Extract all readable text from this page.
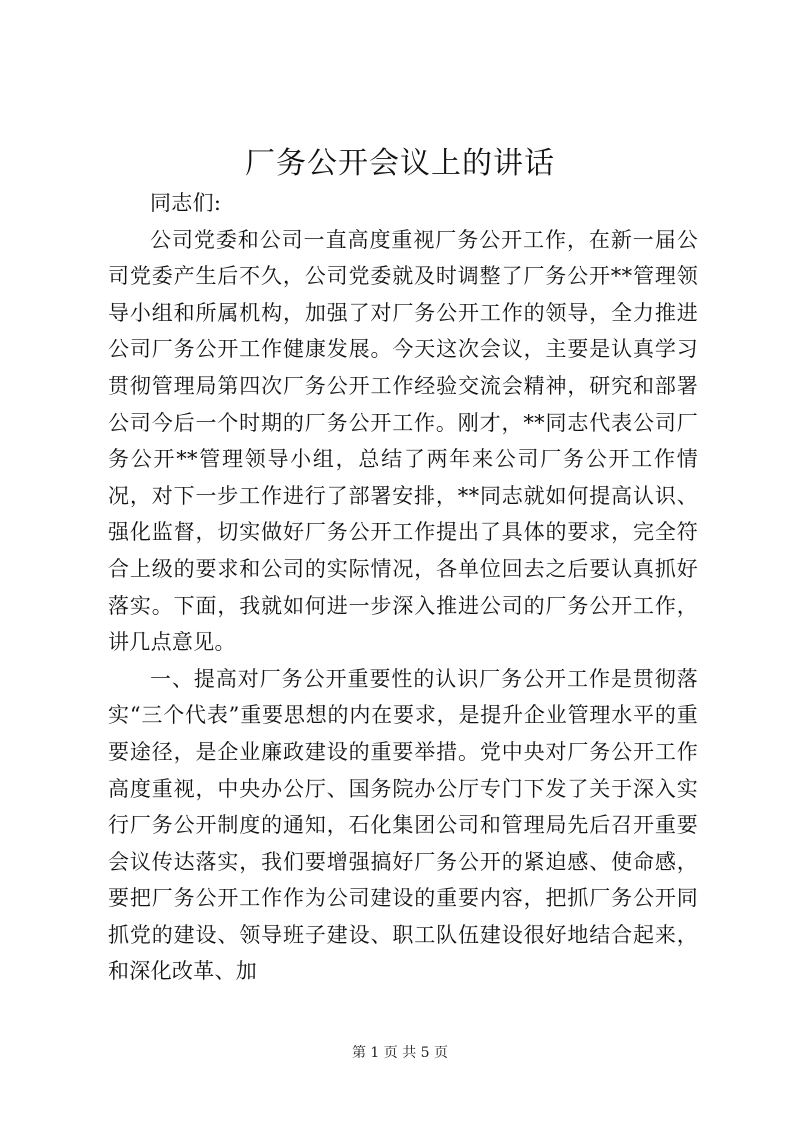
厂务公开会议上的讲话

同志们:

公司党委和公司一直高度重视厂务公开工作，在新一届公司党委产生后不久，公司党委就及时调整了厂务公开**管理领导小组和所属机构，加强了对厂务公开工作的领导，全力推进公司厂务公开工作健康发展。今天这次会议，主要是认真学习贯彻管理局第四次厂务公开工作经验交流会精神，研究和部署公司今后一个时期的厂务公开工作。刚才，**同志代表公司厂务公开**管理领导小组，总结了两年来公司厂务公开工作情况，对下一步工作进行了部署安排，**同志就如何提高认识、强化监督，切实做好厂务公开工作提出了具体的要求，完全符合上级的要求和公司的实际情况，各单位回去之后要认真抓好落实。下面，我就如何进一步深入推进公司的厂务公开工作，讲几点意见。

一、提高对厂务公开重要性的认识厂务公开工作是贯彻落实“三个代表”重要思想的内在要求，是提升企业管理水平的重要途径，是企业廉政建设的重要举措。党中央对厂务公开工作高度重视，中央办公厅、国务院办公厅专门下发了关于深入实行厂务公开制度的通知，石化集团公司和管理局先后召开重要会议传达落实，我们要增强搞好厂务公开的紧迫感、使命感，要把厂务公开工作作为公司建设的重要内容，把抓厂务公开同抓党的建设、领导班子建设、职工队伍建设很好地结合起来，和深化改革、加

第 1 页 共 5 页
